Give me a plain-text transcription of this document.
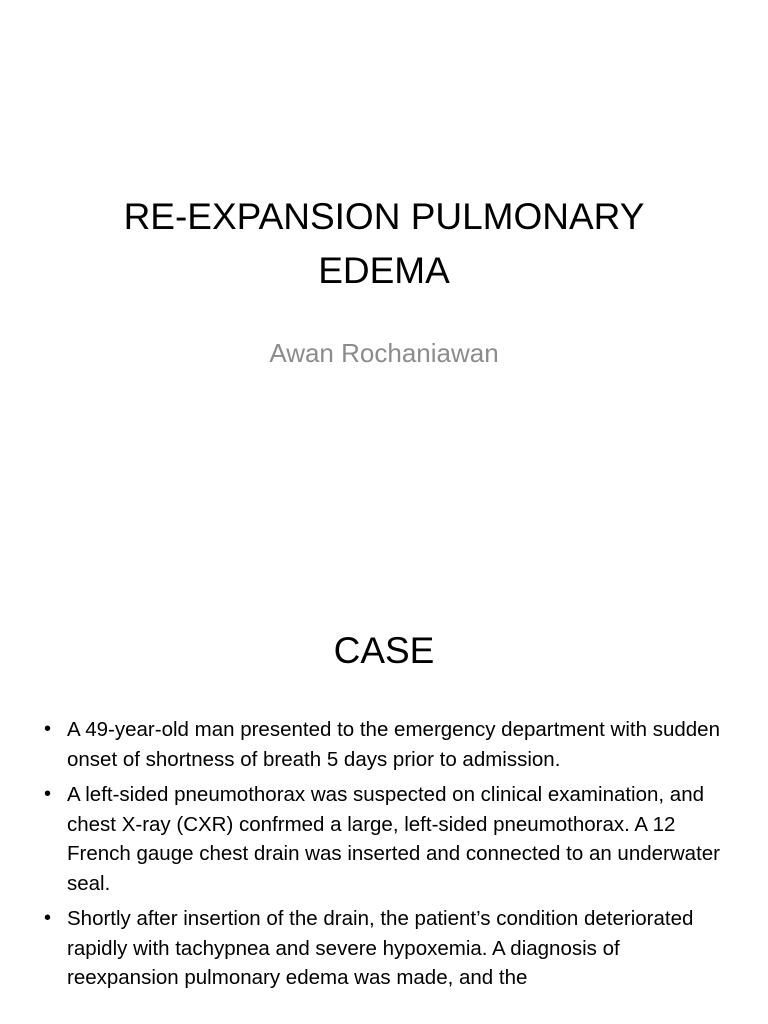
RE-EXPANSION PULMONARY
EDEMA

Awan Rochaniawan

CASE
• A 49-year-old man presented to the emergency department with sudden onset of shortness of breath 5 days prior to admission.
• A left-sided pneumothorax was suspected on clinical examination, and chest X-ray (CXR) confrmed a large, left-sided pneumothorax. A 12 French gauge chest drain was inserted and connected to an underwater seal.
• Shortly after insertion of the drain, the patient’s condition deteriorated rapidly with tachypnea and severe hypoxemia. A diagnosis of reexpansion pulmonary edema was made, and the
